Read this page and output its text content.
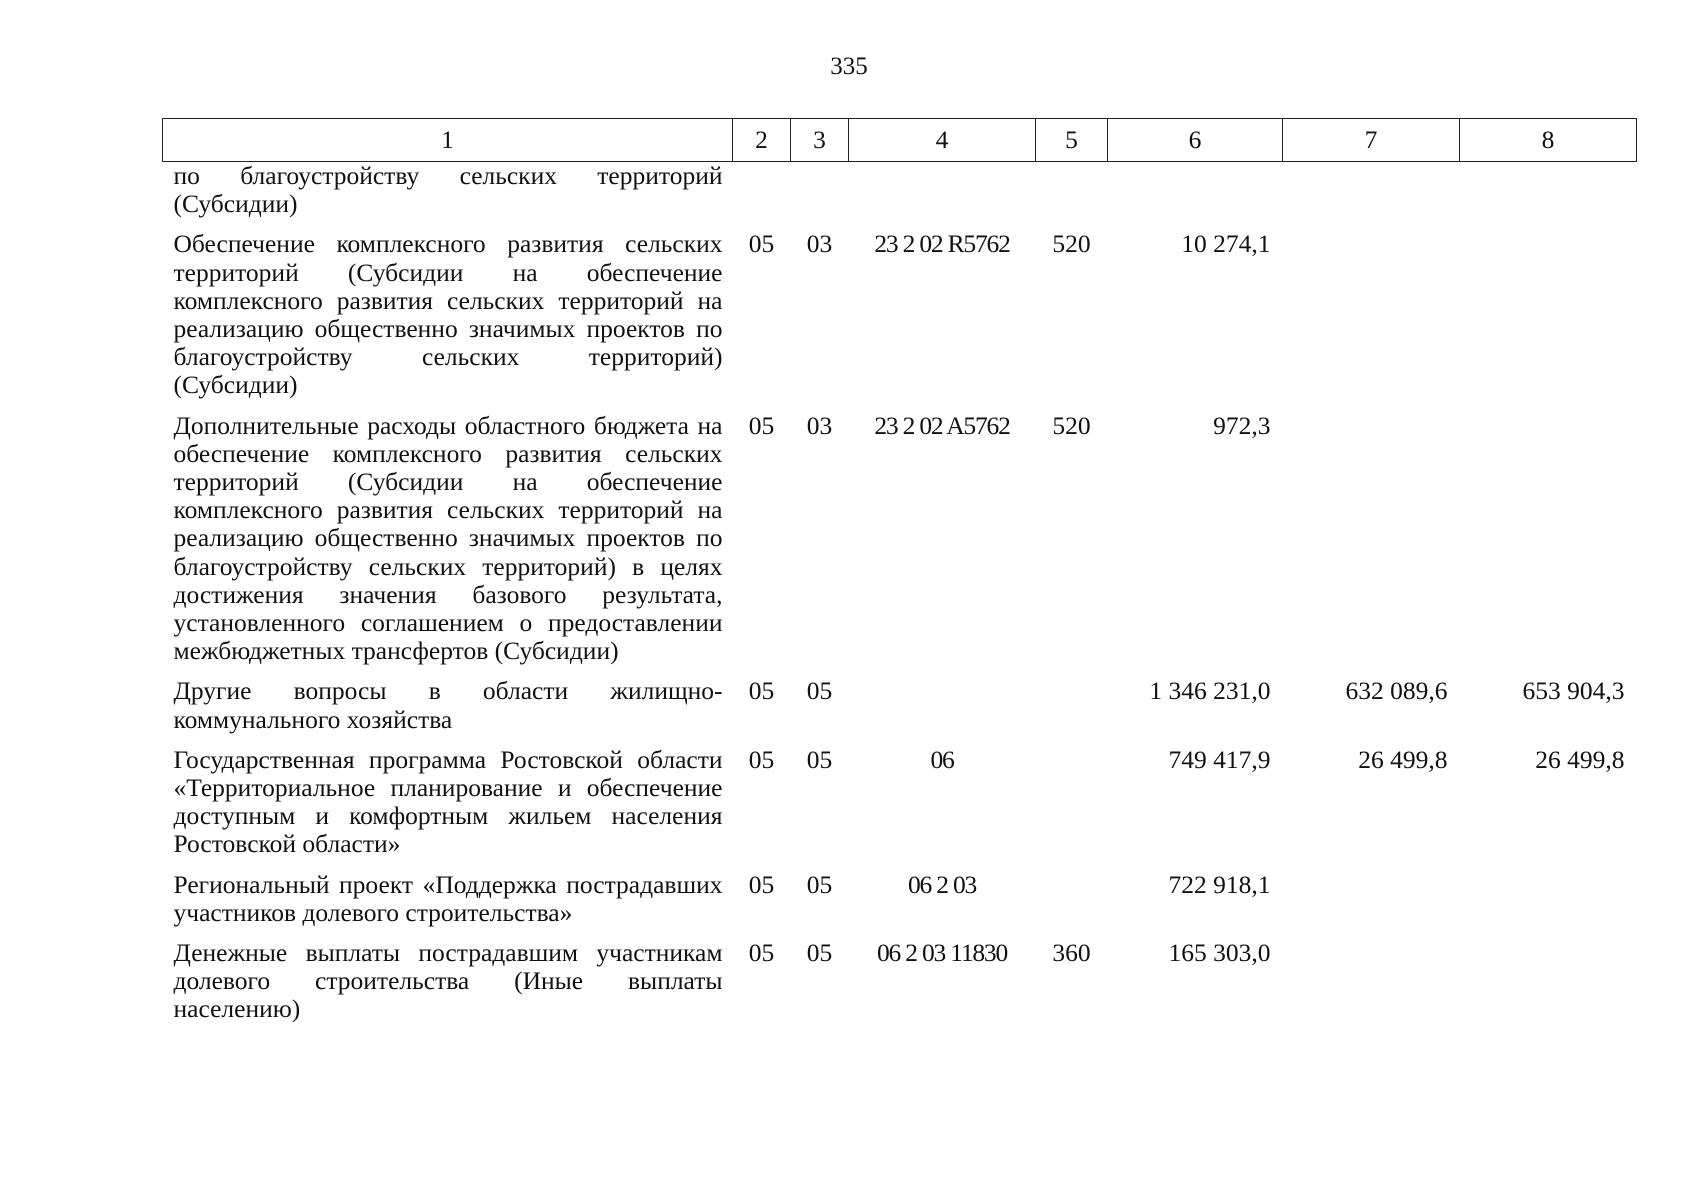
335
1	2	3	4	5	6	7	8
по благоустройству сельских территорий (Субсидии)							
Обеспечение комплексного развития сельских территорий (Субсидии на обеспечение комплексного развития сельских территорий на реализацию общественно значимых проектов по благоустройству сельских территорий) (Субсидии)	05	03	23 2 02 R5762	520	10 274,1		
Дополнительные расходы областного бюджета на обеспечение комплексного развития сельских территорий (Субсидии на обеспечение комплексного развития сельских территорий на реализацию общественно значимых проектов по благоустройству сельских территорий) в целях достижения значения базового результата, установленного соглашением о предоставлении межбюджетных трансфертов (Субсидии)	05	03	23 2 02 A5762	520	972,3		
Другие вопросы в области жилищно-коммунального хозяйства	05	05			1 346 231,0	632 089,6	653 904,3
Государственная программа Ростовской области «Территориальное планирование и обеспечение доступным и комфортным жильем населения Ростовской области»	05	05	06		749 417,9	26 499,8	26 499,8
Региональный проект «Поддержка пострадавших участников долевого строительства»	05	05	06 2 03		722 918,1		
Денежные выплаты пострадавшим участникам долевого строительства (Иные выплаты населению)	05	05	06 2 03 11830	360	165 303,0		
